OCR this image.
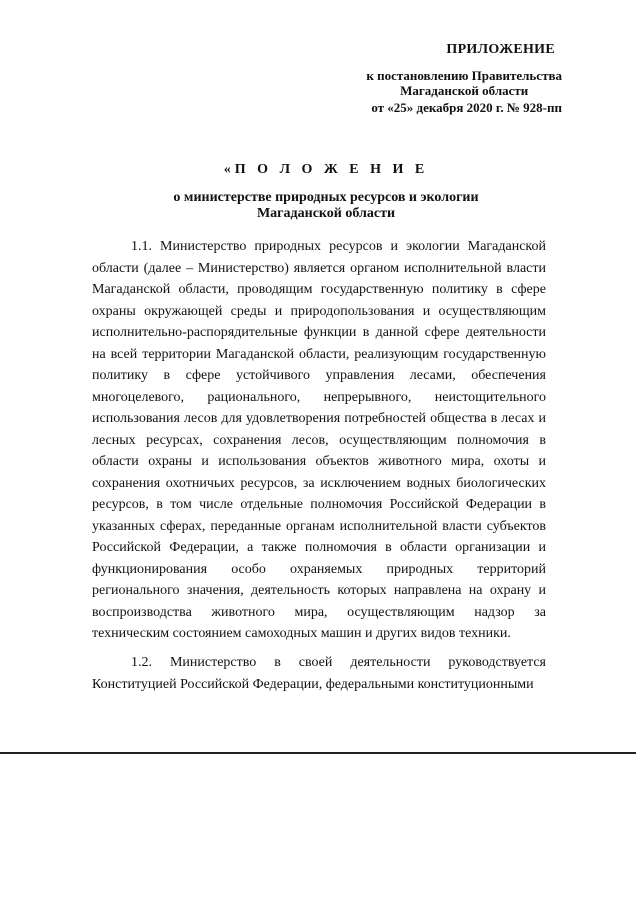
ПРИЛОЖЕНИЕ
к постановлению Правительства
Магаданской области
от «25» декабря 2020 г. № 928-пп
«П О Л О Ж Е Н И Е
о министерстве природных ресурсов и экологии
Магаданской области

1.1. Министерство природных ресурсов и экологии Магаданской области (далее – Министерство) является органом исполнительной власти Магаданской области, проводящим государственную политику в сфере охраны окружающей среды и природопользования и осуществляющим исполнительно-распорядительные функции в данной сфере деятельности на всей территории Магаданской области, реализующим государственную политику в сфере устойчивого управления лесами, обеспечения многоцелевого, рационального, непрерывного, неистощительного использования лесов для удовлетворения потребностей общества в лесах и лесных ресурсах, сохранения лесов, осуществляющим полномочия в области охраны и использования объектов животного мира, охоты и сохранения охотничьих ресурсов, за исключением водных биологических ресурсов, в том числе отдельные полномочия Российской Федерации в указанных сферах, переданные органам исполнительной власти субъектов Российской Федерации, а также полномочия в области организации и функционирования особо охраняемых природных территорий регионального значения, деятельность которых направлена на охрану и воспроизводства животного мира, осуществляющим надзор за техническим состоянием самоходных машин и других видов техники.

1.2. Министерство в своей деятельности руководствуется Конституцией Российской Федерации, федеральными конституционными
